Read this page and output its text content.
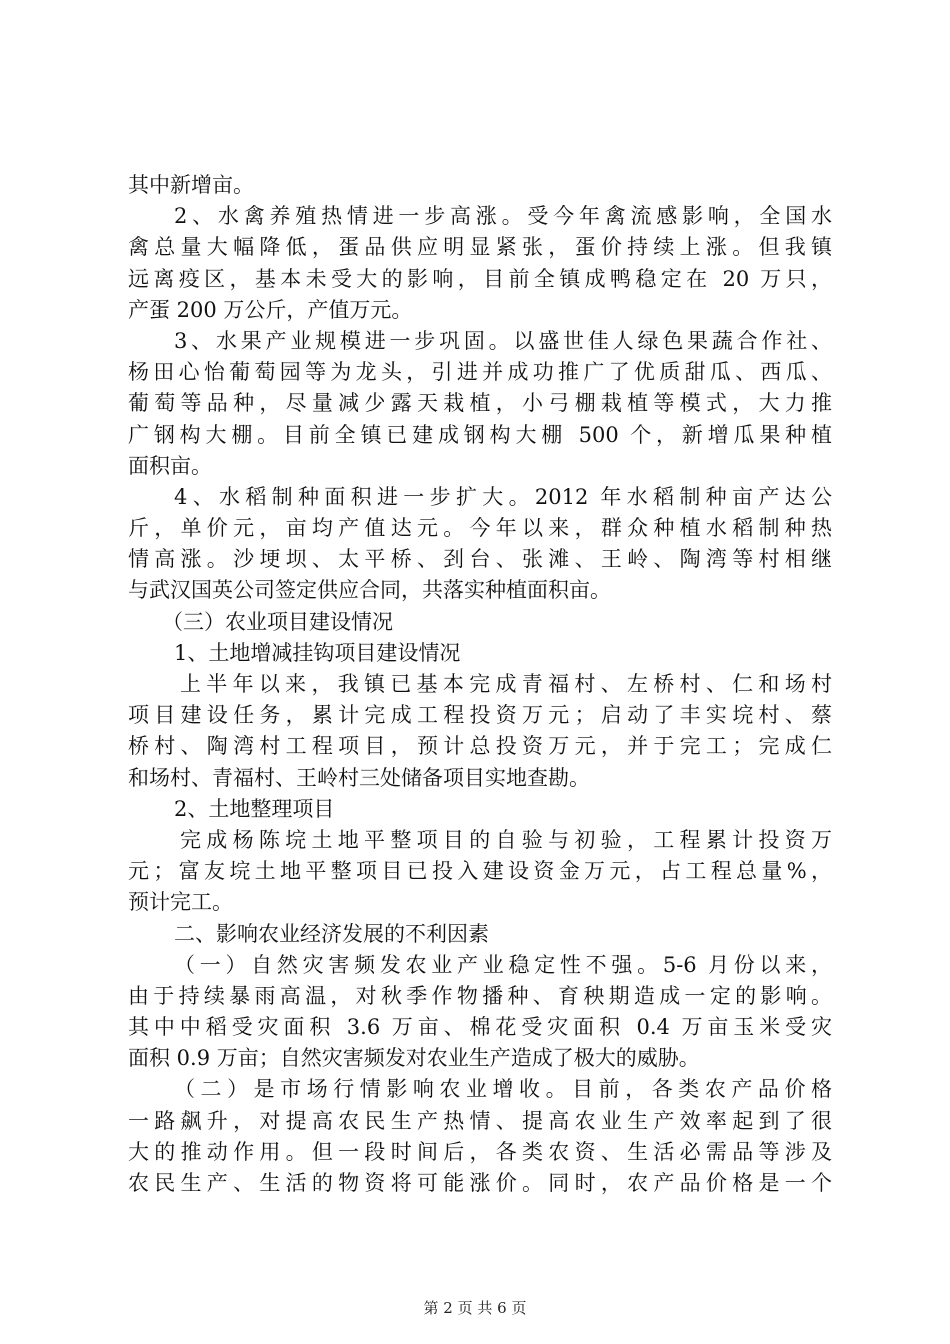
其中新增亩。
2、水禽养殖热情进一步高涨。受今年禽流感影响，全国水
禽总量大幅降低，蛋品供应明显紧张，蛋价持续上涨。但我镇
远离疫区，基本未受大的影响，目前全镇成鸭稳定在 20 万只，
产蛋 200 万公斤，产值万元。
3、水果产业规模进一步巩固。以盛世佳人绿色果蔬合作社、
杨田心怡葡萄园等为龙头，引进并成功推广了优质甜瓜、西瓜、
葡萄等品种，尽量减少露天栽植，小弓棚栽植等模式，大力推
广钢构大棚。目前全镇已建成钢构大棚 500 个，新增瓜果种植
面积亩。
4、水稻制种面积进一步扩大。2012 年水稻制种亩产达公
斤，单价元，亩均产值达元。今年以来，群众种植水稻制种热
情高涨。沙埂坝、太平桥、刭台、张滩、王岭、陶湾等村相继
与武汉国英公司签定供应合同，共落实种植面积亩。
（三）农业项目建设情况
1、土地增减挂钩项目建设情况
上半年以来，我镇已基本完成青福村、左桥村、仁和场村
项目建设任务，累计完成工程投资万元；启动了丰实垸村、蔡
桥村、陶湾村工程项目，预计总投资万元，并于完工；完成仁
和场村、青福村、王岭村三处储备项目实地查勘。
2、土地整理项目
完成杨陈垸土地平整项目的自验与初验，工程累计投资万
元；富友垸土地平整项目已投入建设资金万元，占工程总量%，
预计完工。
二、影响农业经济发展的不利因素
（一）自然灾害频发农业产业稳定性不强。5-6 月份以来，
由于持续暴雨高温，对秋季作物播种、育秧期造成一定的影响。
其中中稻受灾面积 3.6 万亩、棉花受灾面积 0.4 万亩玉米受灾
面积 0.9 万亩；自然灾害频发对农业生产造成了极大的威胁。
（二）是市场行情影响农业增收。目前，各类农产品价格
一路飙升，对提高农民生产热情、提高农业生产效率起到了很
大的推动作用。但一段时间后，各类农资、生活必需品等涉及
农民生产、生活的物资将可能涨价。同时，农产品价格是一个
第 2 页 共 6 页
